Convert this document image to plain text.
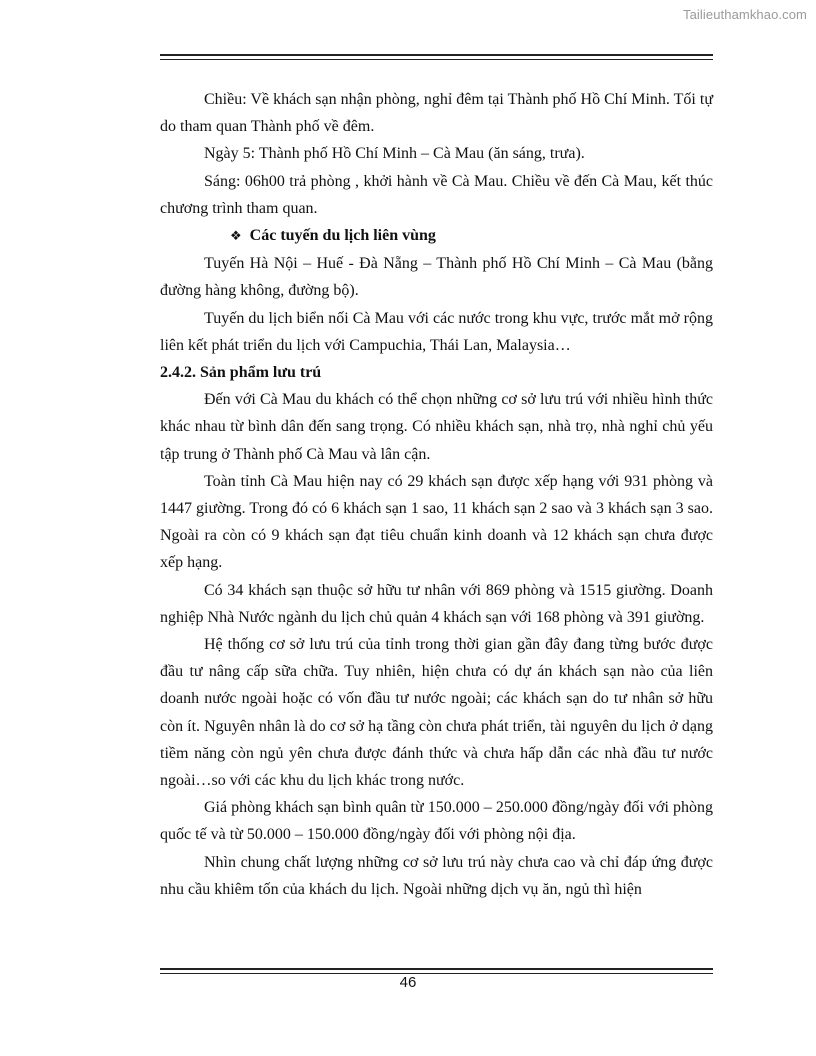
Tailieuthamkhao.com

Chiều: Về khách sạn nhận phòng, nghỉ đêm tại Thành phố Hồ Chí Minh. Tối tự do tham quan Thành phố về đêm.

Ngày 5: Thành phố Hồ Chí Minh – Cà Mau (ăn sáng, trưa).

Sáng: 06h00 trả phòng , khởi hành về Cà Mau. Chiều về đến Cà Mau, kết thúc chương trình tham quan.

❖ Các tuyến du lịch liên vùng

Tuyến Hà Nội – Huế - Đà Nẵng – Thành phố Hồ Chí Minh – Cà Mau (bằng đường hàng không, đường bộ).

Tuyến du lịch biển nối Cà Mau với các nước trong khu vực, trước mắt mở rộng liên kết phát triển du lịch với Campuchia, Thái Lan, Malaysia…

2.4.2. Sản phẩm lưu trú

Đến với Cà Mau du khách có thể chọn những cơ sở lưu trú với nhiều hình thức khác nhau từ bình dân đến sang trọng. Có nhiều khách sạn, nhà trọ, nhà nghỉ chủ yếu tập trung ở Thành phố Cà Mau và lân cận.

Toàn tỉnh Cà Mau hiện nay có 29 khách sạn được xếp hạng với 931 phòng và 1447 giường. Trong đó có 6 khách sạn 1 sao, 11 khách sạn 2 sao và 3 khách sạn 3 sao. Ngoài ra còn có 9 khách sạn đạt tiêu chuẩn kinh doanh và 12 khách sạn chưa được xếp hạng.

Có 34 khách sạn thuộc sở hữu tư nhân với 869 phòng và 1515 giường. Doanh nghiệp Nhà Nước ngành du lịch chủ quản 4 khách sạn với 168 phòng và 391 giường.

Hệ thống cơ sở lưu trú của tỉnh trong thời gian gần đây đang từng bước được đầu tư nâng cấp sữa chữa. Tuy nhiên, hiện chưa có dự án khách sạn nào của liên doanh nước ngoài hoặc có vốn đầu tư nước ngoài; các khách sạn do tư nhân sở hữu còn ít. Nguyên nhân là do cơ sở hạ tầng còn chưa phát triển, tài nguyên du lịch ở dạng tiềm năng còn ngủ yên chưa được đánh thức và chưa hấp dẫn các nhà đầu tư nước ngoài…so với các khu du lịch khác trong nước.

Giá phòng khách sạn bình quân từ 150.000 – 250.000 đồng/ngày đối với phòng quốc tế và từ 50.000 – 150.000 đồng/ngày đối với phòng nội địa.

Nhìn chung chất lượng những cơ sở lưu trú này chưa cao và chỉ đáp ứng được nhu cầu khiêm tốn của khách du lịch. Ngoài những dịch vụ ăn, ngủ thì hiện

46
